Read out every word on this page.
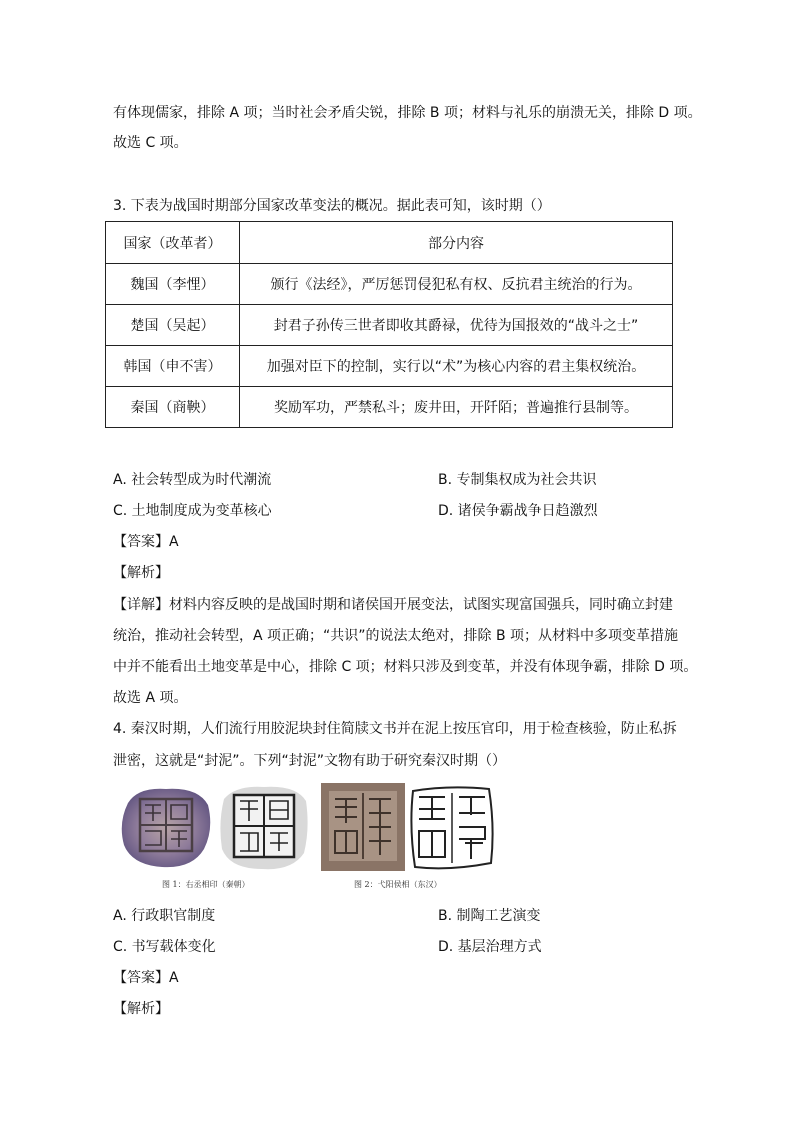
有体现儒家，排除 A 项；当时社会矛盾尖锐，排除 B 项；材料与礼乐的崩溃无关，排除 D 项。
故选 C 项。
3. 下表为战国时期部分国家改革变法的概况。据此表可知，该时期（）
国家（改革者）	部分内容
魏国（李悝）	颁行《法经》，严厉惩罚侵犯私有权、反抗君主统治的行为。
楚国（吴起）	封君子孙传三世者即收其爵禄，优待为国报效的“战斗之士”
韩国（申不害）	加强对臣下的控制，实行以“术”为核心内容的君主集权统治。
秦国（商鞅）	奖励军功，严禁私斗；废井田，开阡陌；普遍推行县制等。
A. 社会转型成为时代潮流	B. 专制集权成为社会共识
C. 土地制度成为变革核心	D. 诸侯争霸战争日趋激烈
【答案】A
【解析】
【详解】材料内容反映的是战国时期和诸侯国开展变法，试图实现富国强兵，同时确立封建
统治，推动社会转型，A 项正确；“共识”的说法太绝对，排除 B 项；从材料中多项变革措施
中并不能看出土地变革是中心，排除 C 项；材料只涉及到变革，并没有体现争霸，排除 D 项。
故选 A 项。
4. 秦汉时期，人们流行用胶泥块封住简牍文书并在泥上按压官印，用于检查核验，防止私拆
泄密，这就是“封泥”。下列“封泥”文物有助于研究秦汉时期（）
图 1：右丞相印（秦朝）	图 2：弋阳侯相（东汉）
A. 行政职官制度	B. 制陶工艺演变
C. 书写载体变化	D. 基层治理方式
【答案】A
【解析】
